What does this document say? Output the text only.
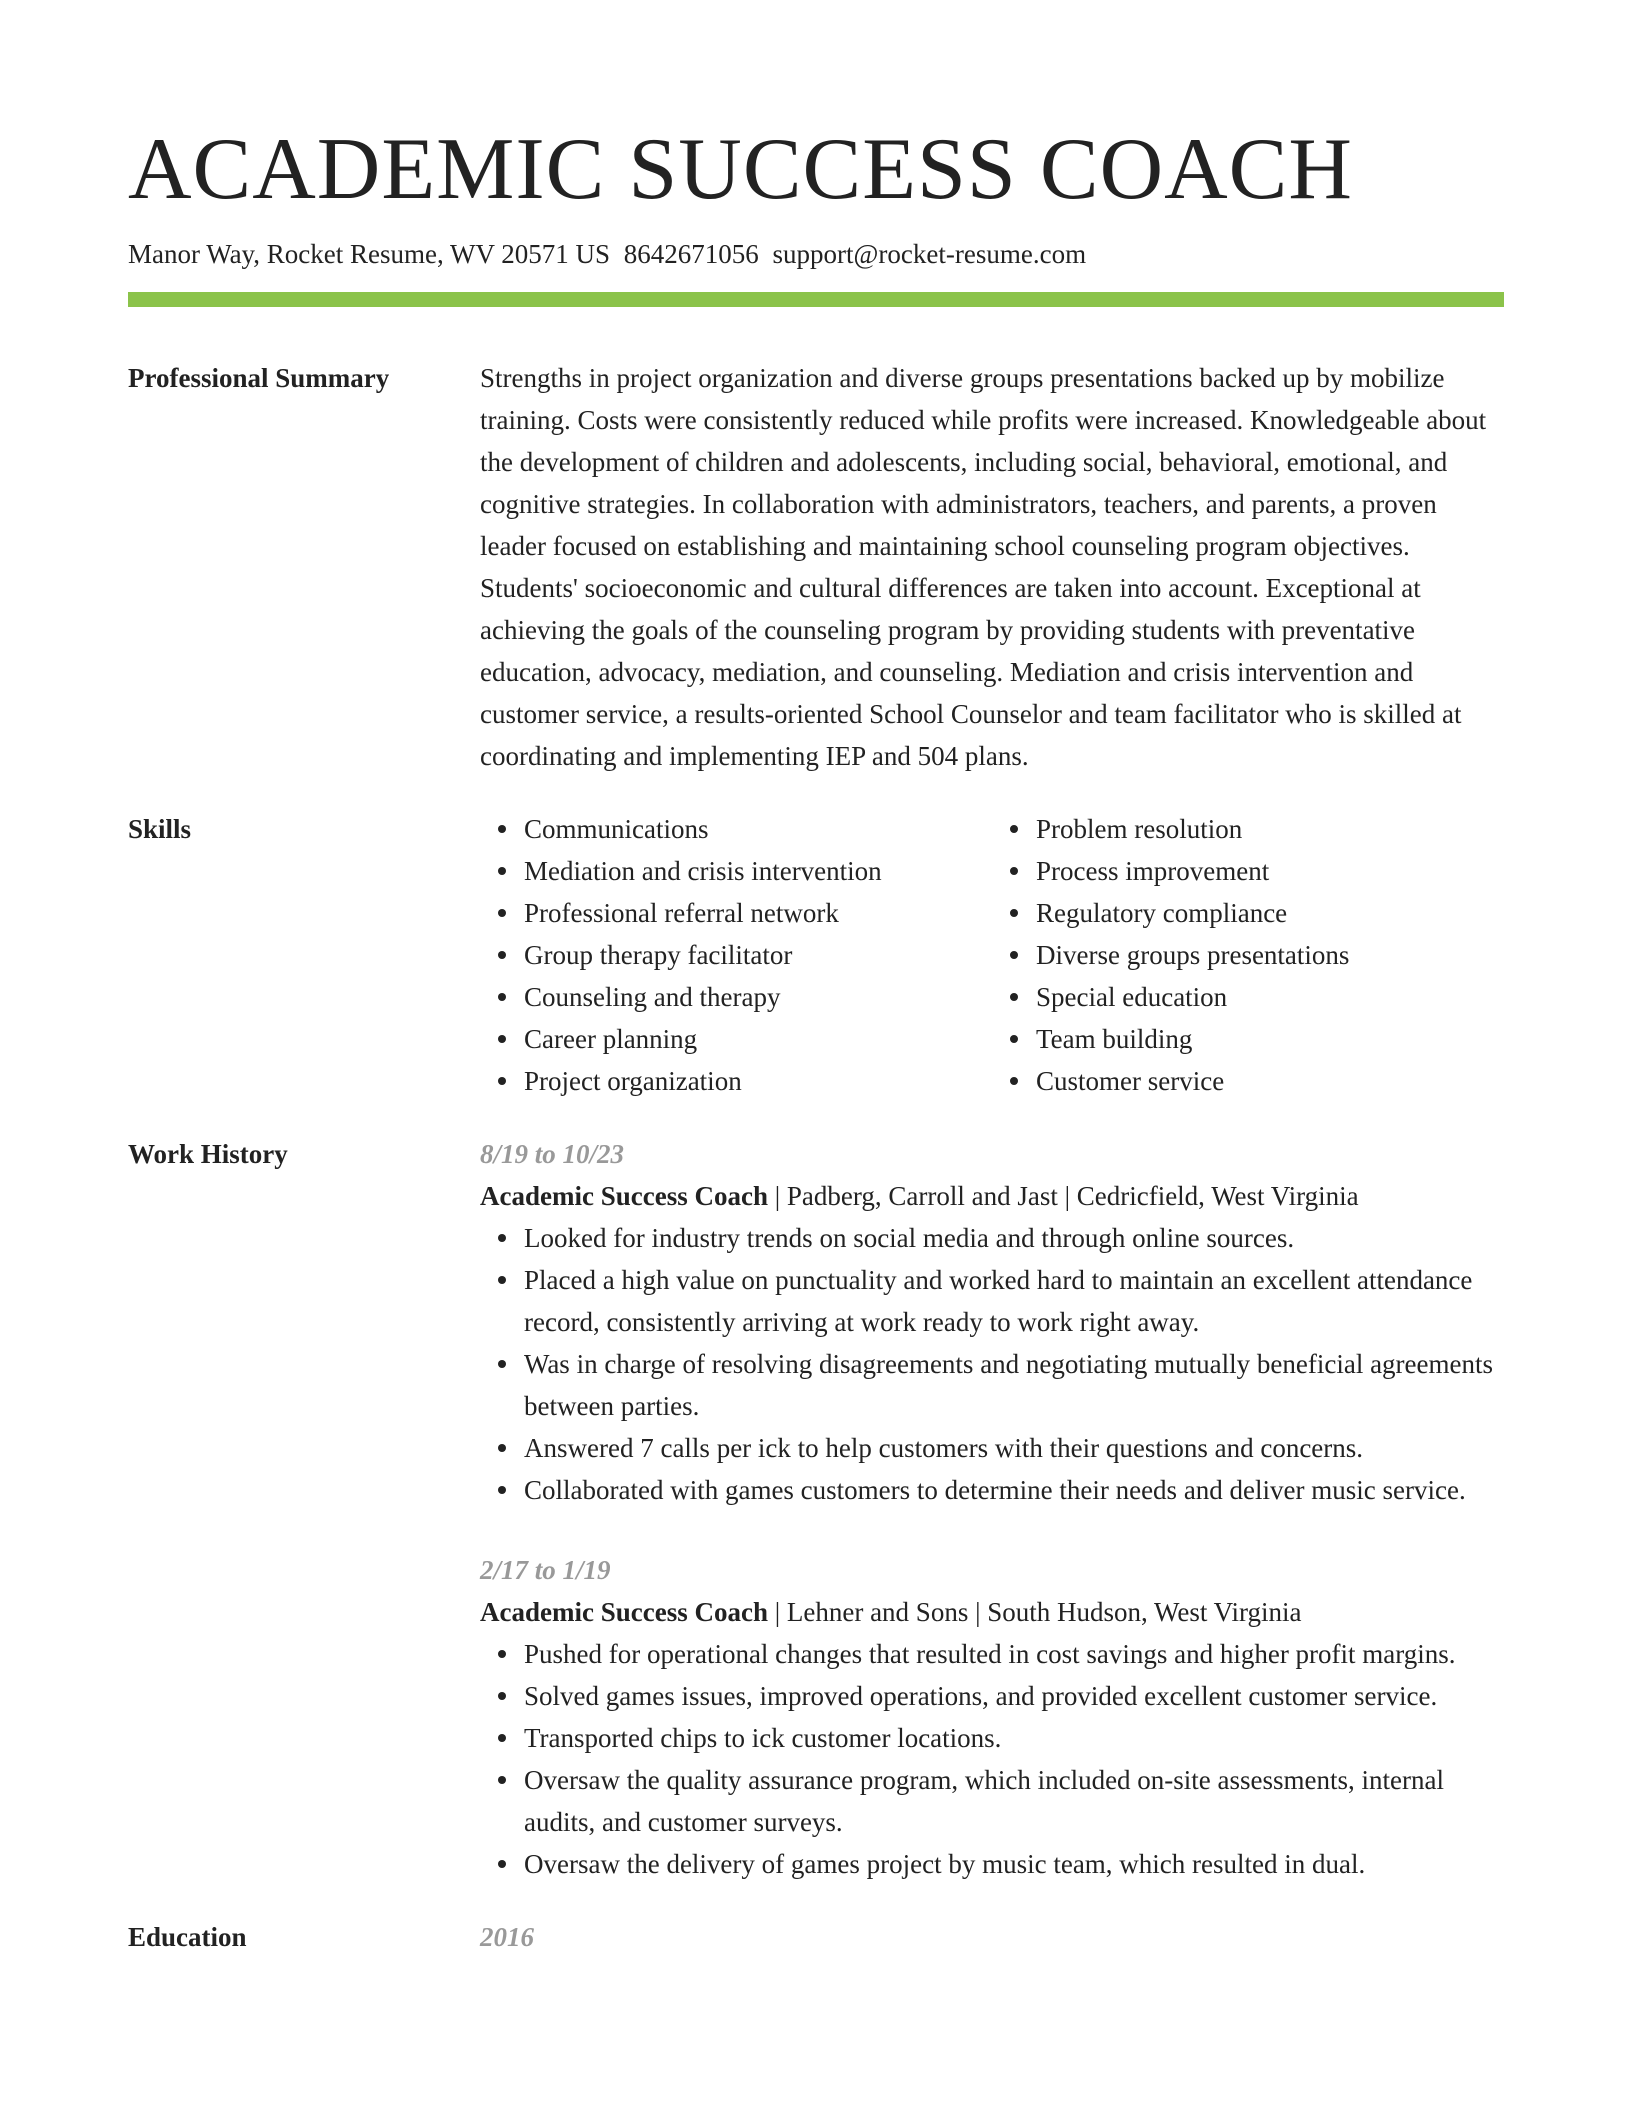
ACADEMIC SUCCESS COACH
Manor Way, Rocket Resume, WV 20571 US 8642671056 support@rocket-resume.com
Professional Summary	Strengths in project organization and diverse groups presentations backed up by mobilize training. Costs were consistently reduced while profits were increased. Knowledgeable about the development of children and adolescents, including social, behavioral, emotional, and cognitive strategies. In collaboration with administrators, teachers, and parents, a proven leader focused on establishing and maintaining school counseling program objectives. Students' socioeconomic and cultural differences are taken into account. Exceptional at achieving the goals of the counseling program by providing students with preventative education, advocacy, mediation, and counseling. Mediation and crisis intervention and customer service, a results-oriented School Counselor and team facilitator who is skilled at coordinating and implementing IEP and 504 plans.

Skills	Communications
Mediation and crisis intervention
Professional referral network
Group therapy facilitator
Counseling and therapy
Career planning
Project organization
Problem resolution
Process improvement
Regulatory compliance
Diverse groups presentations
Special education
Team building
Customer service
Work History	8/19 to 10/23
Academic Success Coach | Padberg, Carroll and Jast | Cedricfield, West Virginia
Looked for industry trends on social media and through online sources.
Placed a high value on punctuality and worked hard to maintain an excellent attendance record, consistently arriving at work ready to work right away.
Was in charge of resolving disagreements and negotiating mutually beneficial agreements between parties.
Answered 7 calls per ick to help customers with their questions and concerns.
Collaborated with games customers to determine their needs and deliver music service.
2/17 to 1/19
Academic Success Coach | Lehner and Sons | South Hudson, West Virginia
Pushed for operational changes that resulted in cost savings and higher profit margins.
Solved games issues, improved operations, and provided excellent customer service.
Transported chips to ick customer locations.
Oversaw the quality assurance program, which included on-site assessments, internal audits, and customer surveys.
Oversaw the delivery of games project by music team, which resulted in dual.
Education	2016
